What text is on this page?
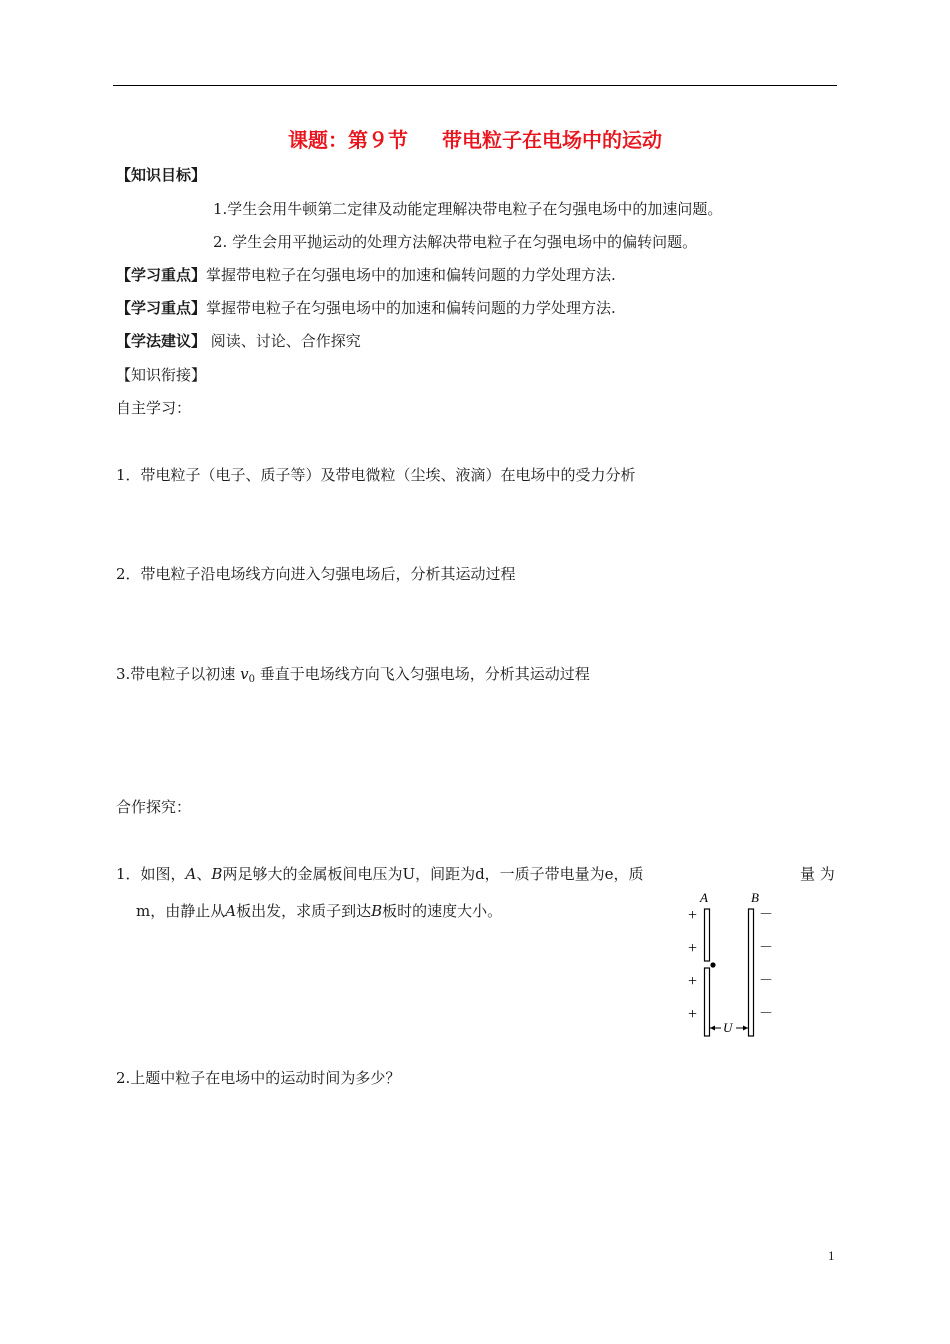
课题：第９节 带电粒子在电场中的运动
【知识目标】
1.学生会用牛顿第二定律及动能定理解决带电粒子在匀强电场中的加速问题。
2. 学生会用平抛运动的处理方法解决带电粒子在匀强电场中的偏转问题。
【学习重点】掌握带电粒子在匀强电场中的加速和偏转问题的力学处理方法.
【学习重点】掌握带电粒子在匀强电场中的加速和偏转问题的力学处理方法.
【学法建议】 阅读、讨论、合作探究
【知识衔接】
自主学习：
1．带电粒子（电子、质子等）及带电微粒（尘埃、液滴）在电场中的受力分析
2．带电粒子沿电场线方向进入匀强电场后，分析其运动过程
3.带电粒子以初速 $v_0$ 垂直于电场线方向飞入匀强电场，分析其运动过程
合作探究：
1．如图，A、B两足够大的金属板间电压为U，间距为d，一质子带电量为e，质	量 为
m，由静止从A板出发，求质子到达B板时的速度大小。
A	B
+
+
+
+
－
－
－
－
U
2.上题中粒子在电场中的运动时间为多少？
1
